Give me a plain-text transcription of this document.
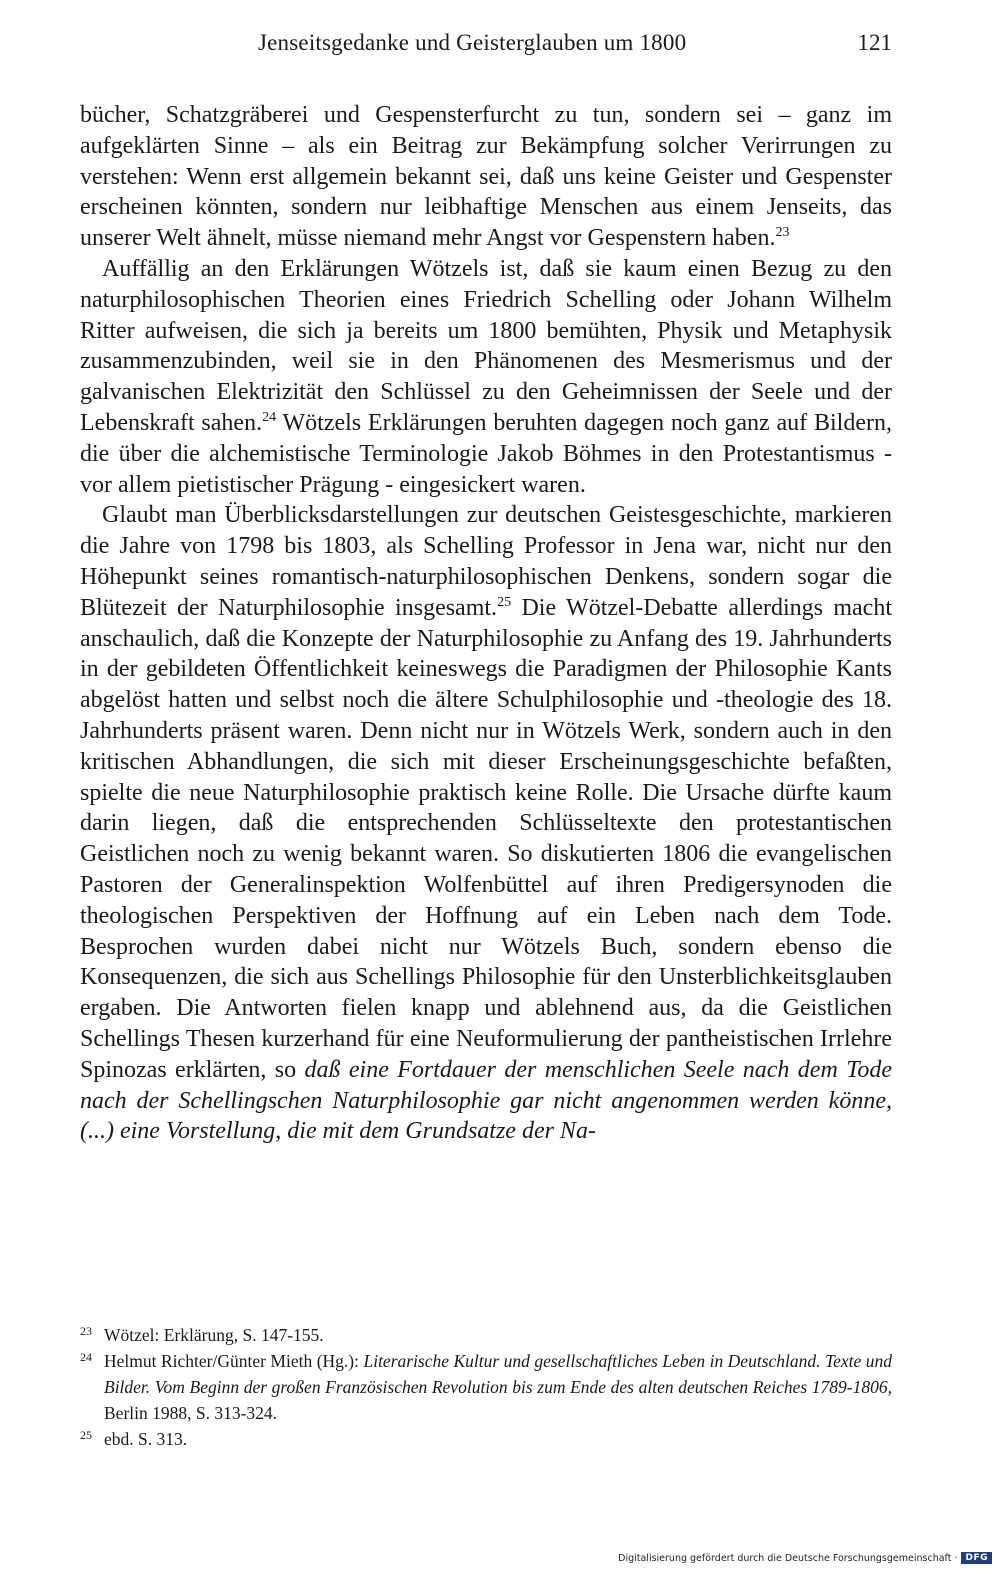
Jenseitsgedanke und Geisterglauben um 1800	121

bücher, Schatzgräberei und Gespensterfurcht zu tun, sondern sei – ganz im aufgeklärten Sinne – als ein Beitrag zur Bekämpfung solcher Verirrungen zu verstehen: Wenn erst allgemein bekannt sei, daß uns keine Geister und Gespenster erscheinen könnten, sondern nur leibhaftige Menschen aus einem Jenseits, das unserer Welt ähnelt, müsse niemand mehr Angst vor Gespenstern haben.$^{23}$

Auffällig an den Erklärungen Wötzels ist, daß sie kaum einen Bezug zu den naturphilosophischen Theorien eines Friedrich Schelling oder Johann Wilhelm Ritter aufweisen, die sich ja bereits um 1800 bemühten, Physik und Metaphysik zusammenzubinden, weil sie in den Phänomenen des Mesmerismus und der galvanischen Elektrizität den Schlüssel zu den Geheimnissen der Seele und der Lebenskraft sahen.$^{24}$ Wötzels Erklärungen beruhten dagegen noch ganz auf Bildern, die über die alchemistische Terminologie Jakob Böhmes in den Protestantismus - vor allem pietistischer Prägung - eingesickert waren.

Glaubt man Überblicksdarstellungen zur deutschen Geistesgeschichte, markieren die Jahre von 1798 bis 1803, als Schelling Professor in Jena war, nicht nur den Höhepunkt seines romantisch-naturphilosophischen Denkens, sondern sogar die Blütezeit der Naturphilosophie insgesamt.$^{25}$ Die Wötzel-Debatte allerdings macht anschaulich, daß die Konzepte der Naturphilosophie zu Anfang des 19. Jahrhunderts in der gebildeten Öffentlichkeit keineswegs die Paradigmen der Philosophie Kants abgelöst hatten und selbst noch die ältere Schulphilosophie und -theologie des 18. Jahrhunderts präsent waren. Denn nicht nur in Wötzels Werk, sondern auch in den kritischen Abhandlungen, die sich mit dieser Erscheinungsgeschichte befaßten, spielte die neue Naturphilosophie praktisch keine Rolle. Die Ursache dürfte kaum darin liegen, daß die entsprechenden Schlüsseltexte den protestantischen Geistlichen noch zu wenig bekannt waren. So diskutierten 1806 die evangelischen Pastoren der Generalinspektion Wolfenbüttel auf ihren Predigersynoden die theologischen Perspektiven der Hoffnung auf ein Leben nach dem Tode. Besprochen wurden dabei nicht nur Wötzels Buch, sondern ebenso die Konsequenzen, die sich aus Schellings Philosophie für den Unsterblichkeitsglauben ergaben. Die Antworten fielen knapp und ablehnend aus, da die Geistlichen Schellings Thesen kurzerhand für eine Neuformulierung der pantheistischen Irrlehre Spinozas erklärten, so daß eine Fortdauer der menschlichen Seele nach dem Tode nach der Schellingschen Naturphilosophie gar nicht angenommen werden könne, (...) eine Vorstellung, die mit dem Grundsatze der Na-

23 Wötzel: Erklärung, S. 147-155.
24 Helmut Richter/Günter Mieth (Hg.): Literarische Kultur und gesellschaftliches Leben in Deutschland. Texte und Bilder. Vom Beginn der großen Französischen Revolution bis zum Ende des alten deutschen Reiches 1789-1806, Berlin 1988, S. 313-324.
25 ebd. S. 313.
Digitalisierung gefördert durch die Deutsche Forschungsgemeinschaft · DFG
